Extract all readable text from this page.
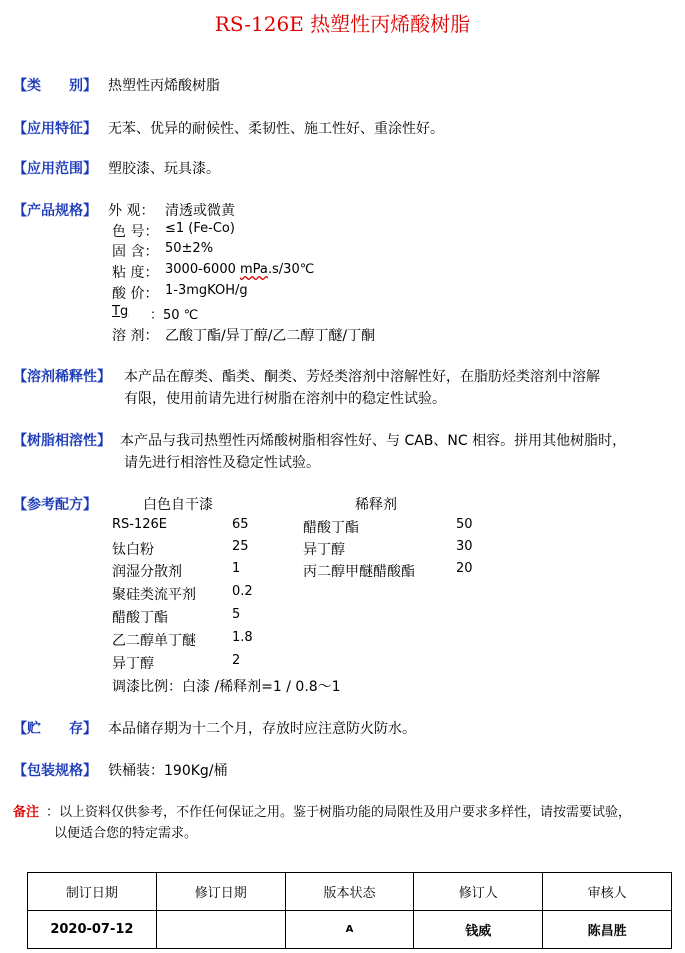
RS-126E 热塑性丙烯酸树脂
【类　　别】 热塑性丙烯酸树脂
【应用特征】 无苯、优异的耐候性、柔韧性、施工性好、重涂性好。
【应用范围】 塑胶漆、玩具漆。
【产品规格】 外 观： 清透或微黄
色 号： ≤1 (Fe-Co)
固 含： 50±2%
粘 度： 3000-6000 mPa.s/30℃
酸 价： 1-3mgKOH/g
Tg ：50 ℃
溶 剂： 乙酸丁酯/异丁醇/乙二醇丁醚/丁酮
【溶剂稀释性】 本产品在醇类、酯类、酮类、芳烃类溶剂中溶解性好，在脂肪烃类溶剂中溶解
有限，使用前请先进行树脂在溶剂中的稳定性试验。
【树脂相溶性】 本产品与我司热塑性丙烯酸树脂相容性好、与 CAB、NC 相容。拼用其他树脂时，
请先进行相溶性及稳定性试验。
【参考配方】	白色自干漆	稀释剂
RS-126E	65
钛白粉	25
润湿分散剂	1
聚硅类流平剂	0.2
醋酸丁酯	5
乙二醇单丁醚	1.8
异丁醇	2
醋酸丁酯	50
异丁醇	30
丙二醇甲醚醋酸酯	20
调漆比例：白漆 /稀释剂=1 / 0.8～1
【贮　　存】 本品储存期为十二个月，存放时应注意防火防水。
【包装规格】 铁桶装：190Kg/桶
备注 ：以上资料仅供参考，不作任何保证之用。鉴于树脂功能的局限性及用户要求多样性，请按需要试验，
以便适合您的特定需求。
制订日期	修订日期	版本状态	修订人	审核人
2020-07-12		A	钱威	陈昌胜
